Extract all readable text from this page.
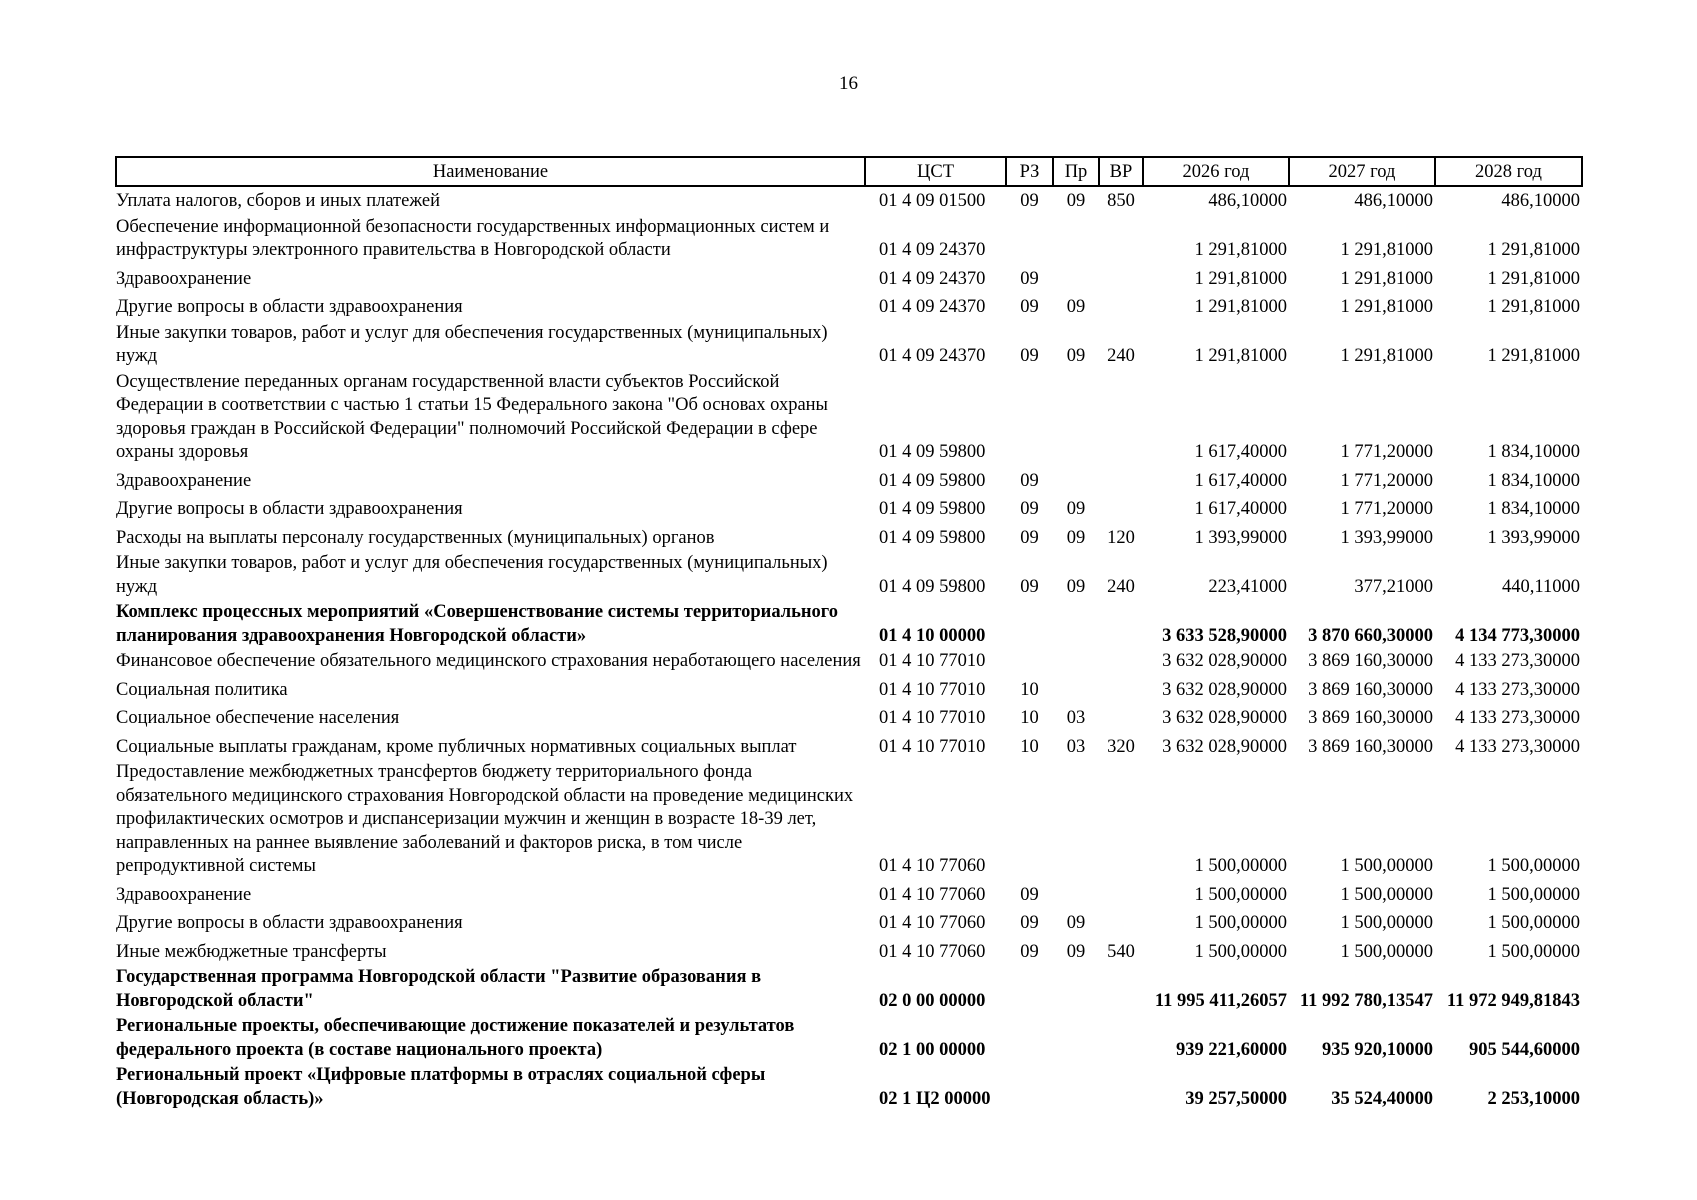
16
Наименование	ЦСТ	РЗ	Пр	ВР	2026 год	2027 год	2028 год
Уплата налогов, сборов и иных платежей	01 4 09 01500	09	09	850	486,10000	486,10000	486,10000
Обеспечение информационной безопасности государственных информационных систем и инфраструктуры электронного правительства в Новгородской области	01 4 09 24370				1 291,81000	1 291,81000	1 291,81000
Здравоохранение	01 4 09 24370	09			1 291,81000	1 291,81000	1 291,81000
Другие вопросы в области здравоохранения	01 4 09 24370	09	09		1 291,81000	1 291,81000	1 291,81000
Иные закупки товаров, работ и услуг для обеспечения государственных (муниципальных) нужд	01 4 09 24370	09	09	240	1 291,81000	1 291,81000	1 291,81000
Осуществление переданных органам государственной власти субъектов Российской Федерации в соответствии с частью 1 статьи 15 Федерального закона "Об основах охраны здоровья граждан в Российской Федерации" полномочий Российской Федерации в сфере охраны здоровья	01 4 09 59800				1 617,40000	1 771,20000	1 834,10000
Здравоохранение	01 4 09 59800	09			1 617,40000	1 771,20000	1 834,10000
Другие вопросы в области здравоохранения	01 4 09 59800	09	09		1 617,40000	1 771,20000	1 834,10000
Расходы на выплаты персоналу государственных (муниципальных) органов	01 4 09 59800	09	09	120	1 393,99000	1 393,99000	1 393,99000
Иные закупки товаров, работ и услуг для обеспечения государственных (муниципальных) нужд	01 4 09 59800	09	09	240	223,41000	377,21000	440,11000
Комплекс процессных мероприятий «Совершенствование системы территориального планирования здравоохранения Новгородской области»	01 4 10 00000				3 633 528,90000	3 870 660,30000	4 134 773,30000
Финансовое обеспечение обязательного медицинского страхования неработающего населения	01 4 10 77010				3 632 028,90000	3 869 160,30000	4 133 273,30000
Социальная политика	01 4 10 77010	10			3 632 028,90000	3 869 160,30000	4 133 273,30000
Социальное обеспечение населения	01 4 10 77010	10	03		3 632 028,90000	3 869 160,30000	4 133 273,30000
Социальные выплаты гражданам, кроме публичных нормативных социальных выплат	01 4 10 77010	10	03	320	3 632 028,90000	3 869 160,30000	4 133 273,30000
Предоставление межбюджетных трансфертов бюджету территориального фонда обязательного медицинского страхования Новгородской области на проведение медицинских профилактических осмотров и диспансеризации мужчин и женщин в возрасте 18-39 лет, направленных на раннее выявление заболеваний и факторов риска, в том числе репродуктивной системы	01 4 10 77060				1 500,00000	1 500,00000	1 500,00000
Здравоохранение	01 4 10 77060	09			1 500,00000	1 500,00000	1 500,00000
Другие вопросы в области здравоохранения	01 4 10 77060	09	09		1 500,00000	1 500,00000	1 500,00000
Иные межбюджетные трансферты	01 4 10 77060	09	09	540	1 500,00000	1 500,00000	1 500,00000
Государственная программа Новгородской области "Развитие образования в Новгородской области"	02 0 00 00000				11 995 411,26057	11 992 780,13547	11 972 949,81843
Региональные проекты, обеспечивающие достижение показателей и результатов федерального проекта (в составе национального проекта)	02 1 00 00000				939 221,60000	935 920,10000	905 544,60000
Региональный проект «Цифровые платформы в отраслях социальной сферы (Новгородская область)»	02 1 Ц2 00000				39 257,50000	35 524,40000	2 253,10000
